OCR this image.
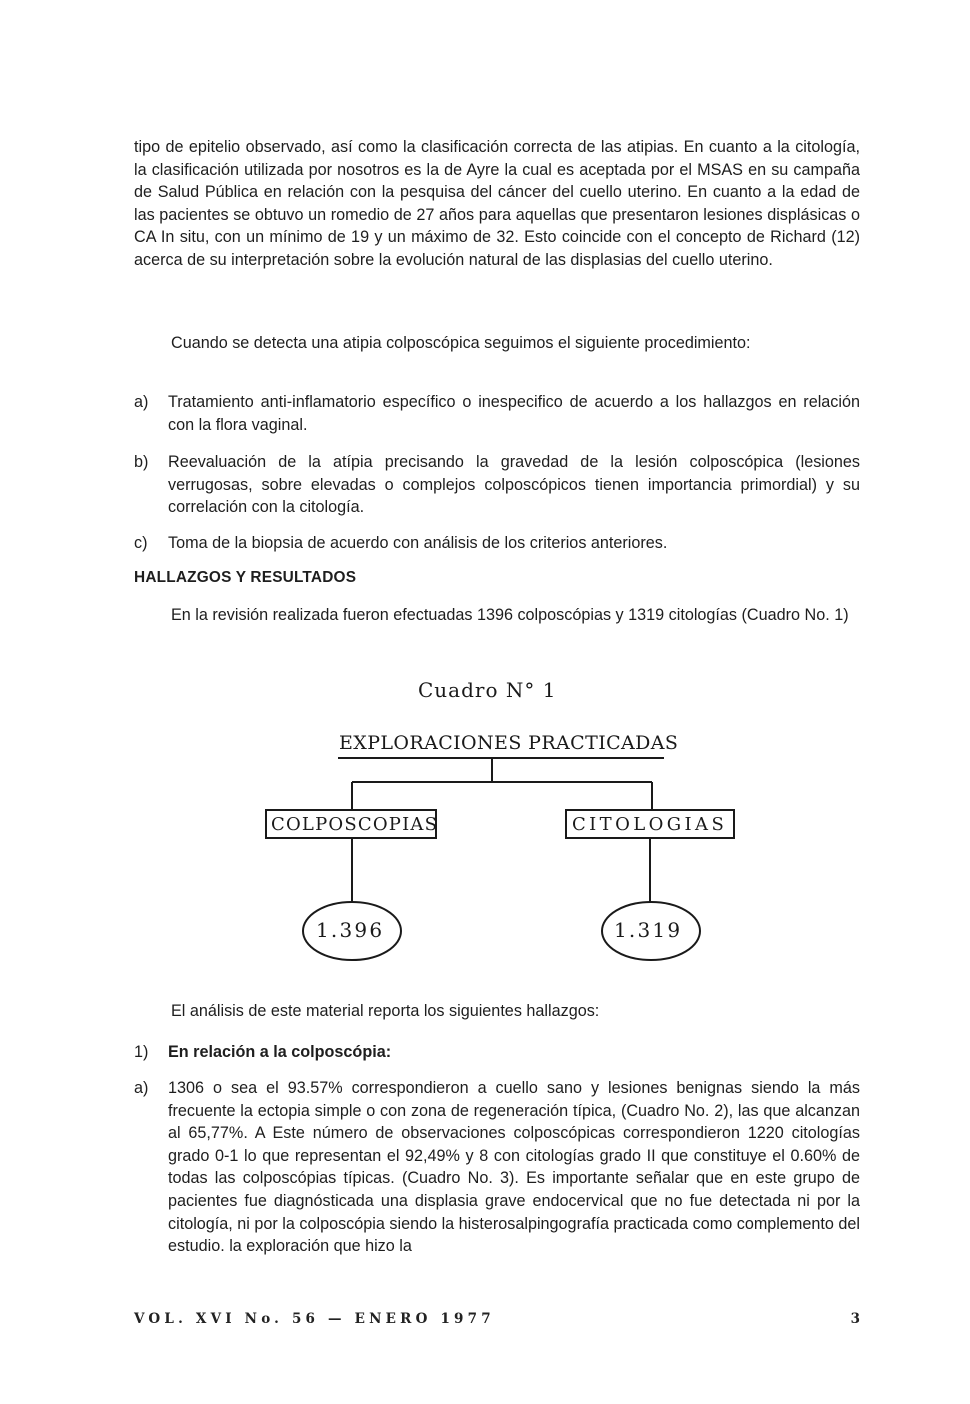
tipo de epitelio observado, así como la clasificación correcta de las atipias. En cuanto a la citología, la clasificación utilizada por nosotros es la de Ayre la cual es aceptada por el MSAS en su campaña de Salud Pública en relación con la pesquisa del cáncer del cuello uterino. En cuanto a la edad de las pacientes se obtuvo un romedio de 27 años para aquellas que presentaron lesiones displásicas o CA In situ, con un mínimo de 19 y un máximo de 32. Esto coincide con el concepto de Richard (12) acerca de su interpretación sobre la evolución natural de las displasias del cuello uterino.

Cuando se detecta una atipia colposcópica seguimos el siguiente procedimiento:

a)	Tratamiento anti-inflamatorio específico o inespecifico de acuerdo a los hallazgos en relación con la flora vaginal.
b)	Reevaluación de la atípia precisando la gravedad de la lesión colposcópica (lesiones verrugosas, sobre elevadas o complejos colposcópicos tienen importancia primordial) y su correlación con la citología.
c)	Toma de la biopsia de acuerdo con análisis de los criterios anteriores.
HALLAZGOS Y RESULTADOS

En la revisión realizada fueron efectuadas 1396 colposcópias y 1319 citologías (Cuadro No. 1)

Cuadro N° 1
EXPLORACIONES PRACTICADAS
COLPOSCOPIAS	CITOLOGIAS
1.396	1.319

El análisis de este material reporta los siguientes hallazgos:

1)	En relación a la colposcópia:
a)	1306 o sea el 93.57% correspondieron a cuello sano y lesiones benignas siendo la más frecuente la ectopia simple o con zona de regeneración típica, (Cuadro No. 2), las que alcanzan al 65,77%. A Este número de observaciones colposcópicas correspondieron 1220 citologías grado 0-1 lo que representan el 92,49% y 8 con citologías grado II que constituye el 0.60% de todas las colposcópias típicas. (Cuadro No. 3). Es importante señalar que en este grupo de pacientes fue diagnósticada una displasia grave endocervical que no fue detectada ni por la citología, ni por la colposcópia siendo la histerosalpingografía practicada como complemento del estudio. la exploración que hizo la
VOL. XVI No. 56 — ENERO 1977	3
